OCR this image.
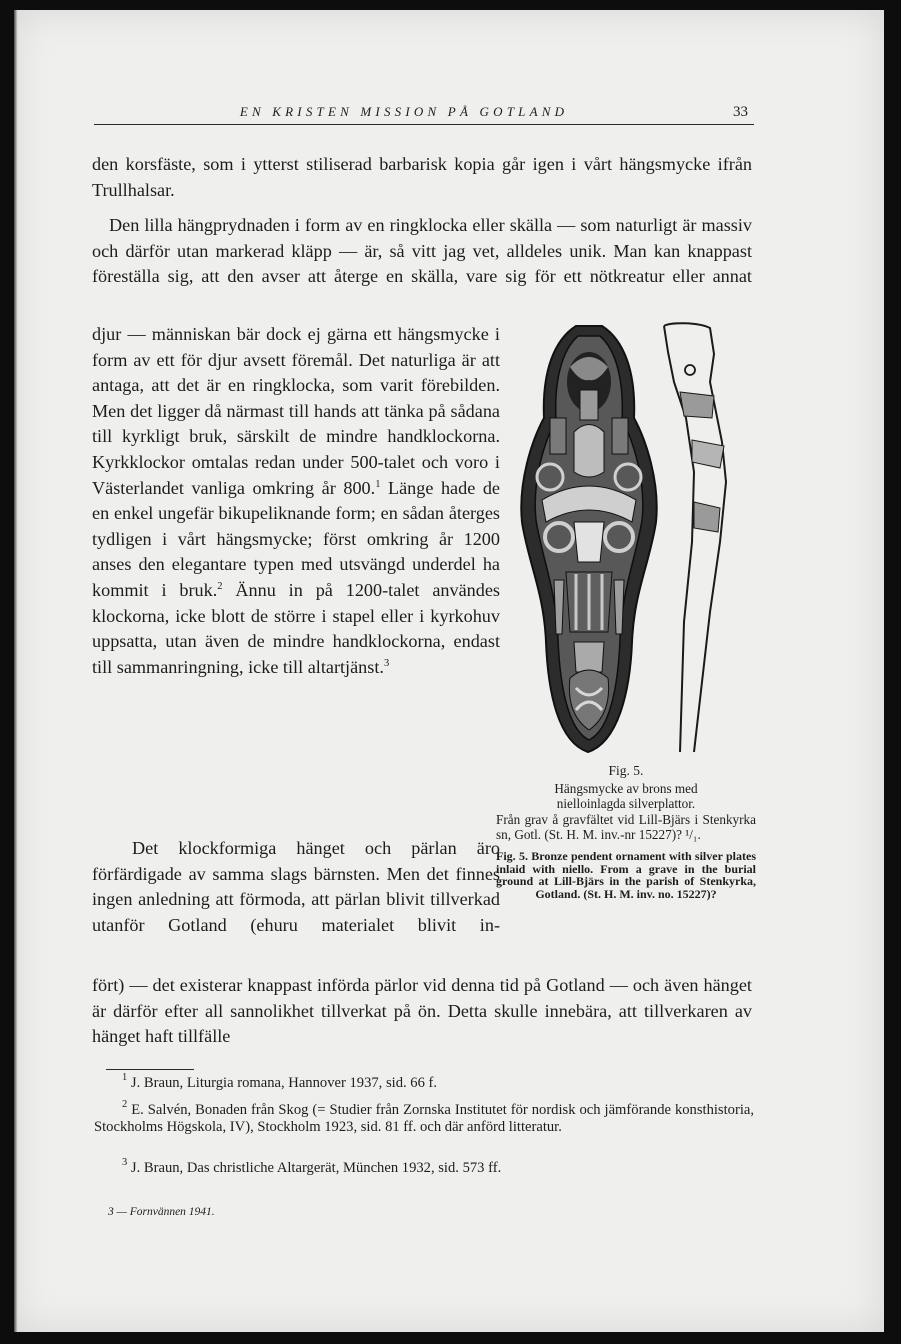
EN KRISTEN MISSION PÅ GOTLAND	33

den korsfäste, som i ytterst stiliserad barbarisk kopia går igen i vårt hängsmycke ifrån Trullhalsar.

Den lilla hängprydnaden i form av en ringklocka eller skälla — som naturligt är massiv och därför utan markerad kläpp — är, så vitt jag vet, alldeles unik. Man kan knappast föreställa sig, att den avser att återge en skälla, vare sig för ett nötkreatur eller annat

djur — människan bär dock ej gärna ett hängsmycke i form av ett för djur avsett föremål. Det naturliga är att antaga, att det är en ringklocka, som varit förebilden. Men det ligger då närmast till hands att tänka på sådana till kyrkligt bruk, särskilt de mindre handklockorna. Kyrkklockor omtalas redan under 500-talet och voro i Västerlandet vanliga omkring år 800.$^1$ Länge hade de en enkel ungefär bikupeliknande form; en sådan återges tydligen i vårt hängsmycke; först omkring år 1200 anses den elegantare typen med utsvängd underdel ha kommit i bruk.$^2$ Ännu in på 1200-talet användes klockorna, icke blott de större i stapel eller i kyrkohuv uppsatta, utan även de mindre handklockorna, endast till sammanringning, icke till altartjänst.$^3$

Det klockformiga hänget och pärlan äro förfärdigade av samma slags bärnsten. Men det finnes ingen anledning att förmoda, att pärlan blivit tillverkad utanför Gotland (ehuru materialet blivit in-

fört) — det existerar knappast införda pärlor vid denna tid på Gotland — och även hänget är därför efter all sannolikhet tillverkat på ön. Detta skulle innebära, att tillverkaren av hänget haft tillfälle

Fig. 5.

Hängsmycke av brons med

nielloinlagda silverplattor.

Från grav å gravfältet vid Lill-Bjärs i Stenkyrka sn, Gotl. (St. H. M. inv.-nr 15227)? ¹/₁.

Fig. 5. Bronze pendent ornament with silver plates inlaid with niello. From a grave in the burial ground at Lill-Bjärs in the parish of Stenkyrka, Gotland. (St. H. M. inv. no. 15227)?

$^1$ J. Braun, Liturgia romana, Hannover 1937, sid. 66 f.

$^2$ E. Salvén, Bonaden från Skog (= Studier från Zornska Institutet för nordisk och jämförande konsthistoria, Stockholms Högskola, IV), Stockholm 1923, sid. 81 ff. och där anförd litteratur.

$^3$ J. Braun, Das christliche Altargerät, München 1932, sid. 573 ff.

3 — Fornvännen 1941.
